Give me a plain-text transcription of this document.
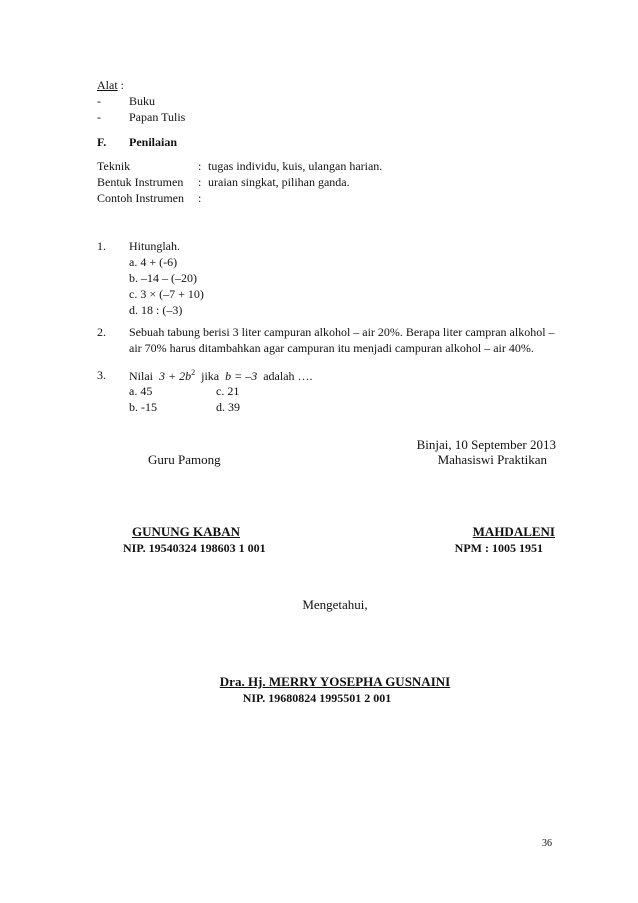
Alat :
- Buku
- Papan Tulis
F. Penilaian
Teknik	: tugas individu, kuis, ulangan harian.
Bentuk Instrumen : uraian singkat, pilihan ganda.
Contoh Instrumen :
1. Hitunglah.
a. 4 + (-6)
b. –14 – (–20)
c. 3 × (–7 + 10)
d. 18 : (–3)
2. Sebuah tabung berisi 3 liter campuran alkohol – air 20%. Berapa liter campran alkohol –
air 70% harus ditambahkan agar campuran itu menjadi campuran alkohol – air 40%.
3. Nilai $3 + 2b^2$ jika b = –3 adalah ….
a. 45	c. 21
b. -15	d. 39
Binjai, 10 September 2013
Guru Pamong	Mahasiswi Praktikan
GUNUNG KABAN
NIP. 19540324 198603 1 001
MAHDALENI
NPM : 1005 1951
Mengetahui,
Dra. Hj. MERRY YOSEPHA GUSNAINI
NIP. 19680824 1995501 2 001
36
